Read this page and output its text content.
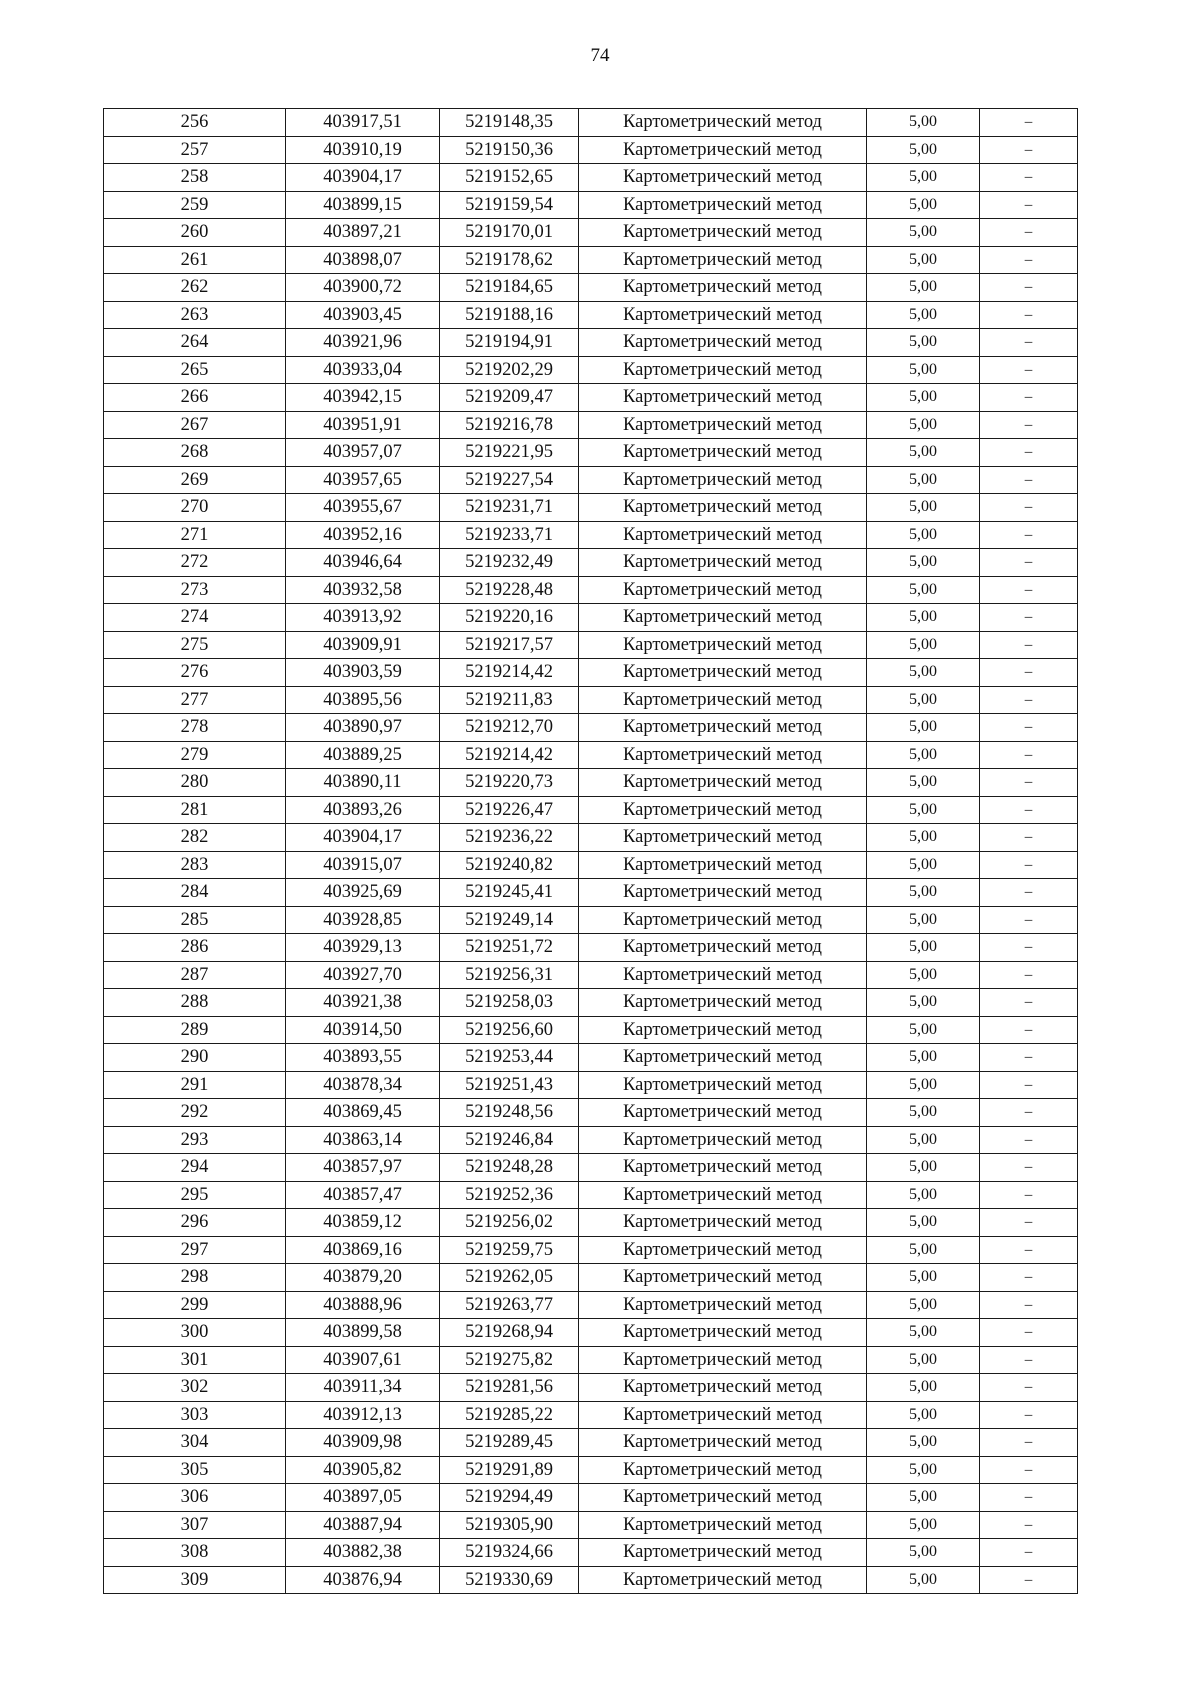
74
256	403917,51	5219148,35	Картометрический метод	5,00	–
257	403910,19	5219150,36	Картометрический метод	5,00	–
258	403904,17	5219152,65	Картометрический метод	5,00	–
259	403899,15	5219159,54	Картометрический метод	5,00	–
260	403897,21	5219170,01	Картометрический метод	5,00	–
261	403898,07	5219178,62	Картометрический метод	5,00	–
262	403900,72	5219184,65	Картометрический метод	5,00	–
263	403903,45	5219188,16	Картометрический метод	5,00	–
264	403921,96	5219194,91	Картометрический метод	5,00	–
265	403933,04	5219202,29	Картометрический метод	5,00	–
266	403942,15	5219209,47	Картометрический метод	5,00	–
267	403951,91	5219216,78	Картометрический метод	5,00	–
268	403957,07	5219221,95	Картометрический метод	5,00	–
269	403957,65	5219227,54	Картометрический метод	5,00	–
270	403955,67	5219231,71	Картометрический метод	5,00	–
271	403952,16	5219233,71	Картометрический метод	5,00	–
272	403946,64	5219232,49	Картометрический метод	5,00	–
273	403932,58	5219228,48	Картометрический метод	5,00	–
274	403913,92	5219220,16	Картометрический метод	5,00	–
275	403909,91	5219217,57	Картометрический метод	5,00	–
276	403903,59	5219214,42	Картометрический метод	5,00	–
277	403895,56	5219211,83	Картометрический метод	5,00	–
278	403890,97	5219212,70	Картометрический метод	5,00	–
279	403889,25	5219214,42	Картометрический метод	5,00	–
280	403890,11	5219220,73	Картометрический метод	5,00	–
281	403893,26	5219226,47	Картометрический метод	5,00	–
282	403904,17	5219236,22	Картометрический метод	5,00	–
283	403915,07	5219240,82	Картометрический метод	5,00	–
284	403925,69	5219245,41	Картометрический метод	5,00	–
285	403928,85	5219249,14	Картометрический метод	5,00	–
286	403929,13	5219251,72	Картометрический метод	5,00	–
287	403927,70	5219256,31	Картометрический метод	5,00	–
288	403921,38	5219258,03	Картометрический метод	5,00	–
289	403914,50	5219256,60	Картометрический метод	5,00	–
290	403893,55	5219253,44	Картометрический метод	5,00	–
291	403878,34	5219251,43	Картометрический метод	5,00	–
292	403869,45	5219248,56	Картометрический метод	5,00	–
293	403863,14	5219246,84	Картометрический метод	5,00	–
294	403857,97	5219248,28	Картометрический метод	5,00	–
295	403857,47	5219252,36	Картометрический метод	5,00	–
296	403859,12	5219256,02	Картометрический метод	5,00	–
297	403869,16	5219259,75	Картометрический метод	5,00	–
298	403879,20	5219262,05	Картометрический метод	5,00	–
299	403888,96	5219263,77	Картометрический метод	5,00	–
300	403899,58	5219268,94	Картометрический метод	5,00	–
301	403907,61	5219275,82	Картометрический метод	5,00	–
302	403911,34	5219281,56	Картометрический метод	5,00	–
303	403912,13	5219285,22	Картометрический метод	5,00	–
304	403909,98	5219289,45	Картометрический метод	5,00	–
305	403905,82	5219291,89	Картометрический метод	5,00	–
306	403897,05	5219294,49	Картометрический метод	5,00	–
307	403887,94	5219305,90	Картометрический метод	5,00	–
308	403882,38	5219324,66	Картометрический метод	5,00	–
309	403876,94	5219330,69	Картометрический метод	5,00	–
